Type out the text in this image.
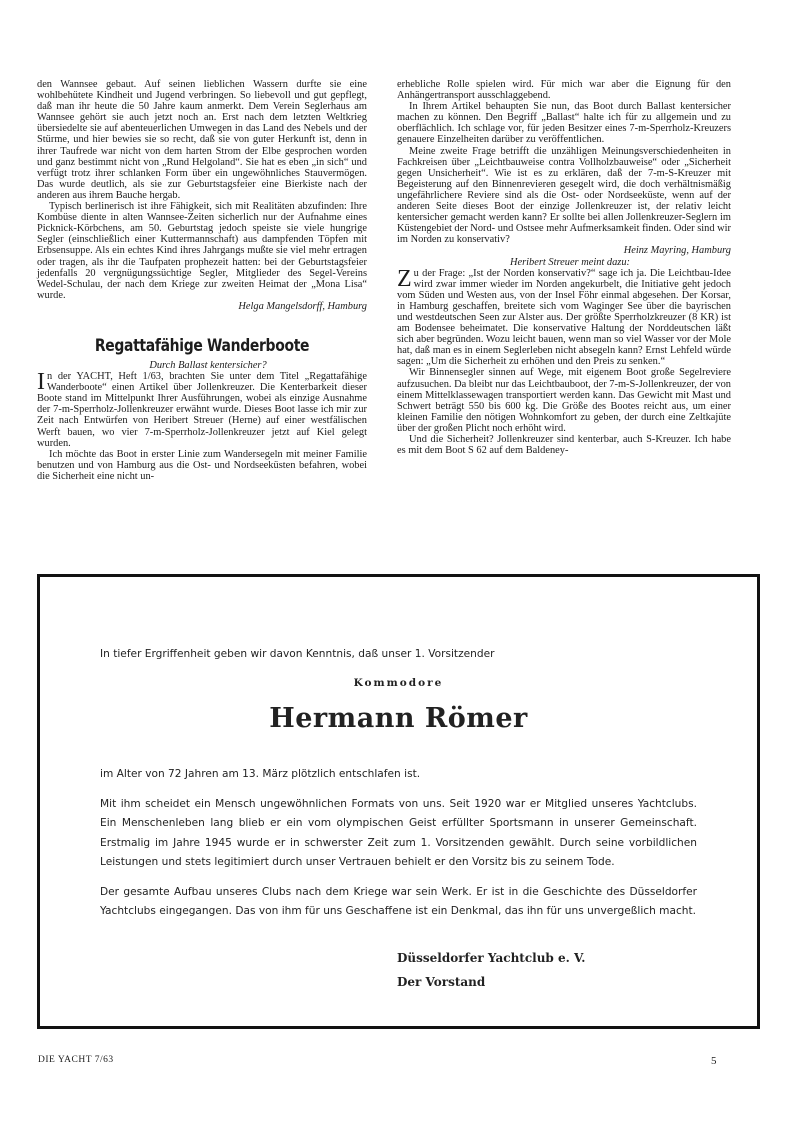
den Wannsee gebaut. Auf seinen lieblichen Wassern durfte sie eine wohlbehütete Kindheit und Jugend verbringen. So liebevoll und gut gepflegt, daß man ihr heute die 50 Jahre kaum anmerkt. Dem Verein Seglerhaus am Wannsee gehört sie auch jetzt noch an. Erst nach dem letzten Weltkrieg übersiedelte sie auf abenteuerlichen Umwegen in das Land des Nebels und der Stürme, und hier bewies sie so recht, daß sie von guter Herkunft ist, denn in ihrer Taufrede war nicht von dem harten Strom der Elbe gesprochen worden und ganz bestimmt nicht von „Rund Helgoland“. Sie hat es eben „in sich“ und verfügt trotz ihrer schlanken Form über ein ungewöhnliches Stauvermögen. Das wurde deutlich, als sie zur Geburtstagsfeier eine Bierkiste nach der anderen aus ihrem Bauche hergab.

Typisch berlinerisch ist ihre Fähigkeit, sich mit Realitäten abzufinden: Ihre Kombüse diente in alten Wannsee-Zeiten sicherlich nur der Aufnahme eines Picknick-Körbchens, am 50. Geburtstag jedoch speiste sie viele hungrige Segler (einschließlich einer Kuttermannschaft) aus dampfenden Töpfen mit Erbsensuppe. Als ein echtes Kind ihres Jahrgangs mußte sie viel mehr ertragen oder tragen, als ihr die Taufpaten prophezeit hatten: bei der Geburtstagsfeier jedenfalls 20 vergnügungssüchtige Segler, Mitglieder des Segel-Vereins Wedel-Schulau, der nach dem Kriege zur zweiten Heimat der „Mona Lisa“ wurde.

Helga Mangelsdorff, Hamburg

Regattafähige Wanderboote

Durch Ballast kentersicher?

In der YACHT, Heft 1/63, brachten Sie unter dem Titel „Regattafähige Wanderboote“ einen Artikel über Jollenkreuzer. Die Kenterbarkeit dieser Boote stand im Mittelpunkt Ihrer Ausführungen, wobei als einzige Ausnahme der 7-m-Sperrholz-Jollenkreuzer erwähnt wurde. Dieses Boot lasse ich mir zur Zeit nach Entwürfen von Heribert Streuer (Herne) auf einer westfälischen Werft bauen, wo vier 7-m-Sperrholz-Jollenkreuzer jetzt auf Kiel gelegt wurden.

Ich möchte das Boot in erster Linie zum Wandersegeln mit meiner Familie benutzen und von Hamburg aus die Ost- und Nordseeküsten befahren, wobei die Sicherheit eine nicht un-

erhebliche Rolle spielen wird. Für mich war aber die Eignung für den Anhängertransport ausschlaggebend.

In Ihrem Artikel behaupten Sie nun, das Boot durch Ballast kentersicher machen zu können. Den Begriff „Ballast“ halte ich für zu allgemein und zu oberflächlich. Ich schlage vor, für jeden Besitzer eines 7-m-Sperrholz-Kreuzers genauere Einzelheiten darüber zu veröffentlichen.

Meine zweite Frage betrifft die unzähligen Meinungsverschiedenheiten in Fachkreisen über „Leichtbauweise contra Vollholzbauweise“ oder „Sicherheit gegen Unsicherheit“. Wie ist es zu erklären, daß der 7-m-S-Kreuzer mit Begeisterung auf den Binnenrevieren gesegelt wird, die doch verhältnismäßig ungefährlichere Reviere sind als die Ost- oder Nordseeküste, wenn auf der anderen Seite dieses Boot der einzige Jollenkreuzer ist, der relativ leicht kentersicher gemacht werden kann? Er sollte bei allen Jollenkreuzer-Seglern im Küstengebiet der Nord- und Ostsee mehr Aufmerksamkeit finden. Oder sind wir im Norden zu konservativ?

Heinz Mayring, Hamburg

Heribert Streuer meint dazu:

Zu der Frage: „Ist der Norden konservativ?“ sage ich ja. Die Leichtbau-Idee wird zwar immer wieder im Norden angekurbelt, die Initiative geht jedoch vom Süden und Westen aus, von der Insel Föhr einmal abgesehen. Der Korsar, in Hamburg geschaffen, breitete sich vom Waginger See über die bayrischen und westdeutschen Seen zur Alster aus. Der größte Sperrholzkreuzer (8 KR) ist am Bodensee beheimatet. Die konservative Haltung der Norddeutschen läßt sich aber begründen. Wozu leicht bauen, wenn man so viel Wasser vor der Mole hat, daß man es in einem Seglerleben nicht absegeln kann? Ernst Lehfeld würde sagen: „Um die Sicherheit zu erhöhen und den Preis zu senken.“

Wir Binnensegler sinnen auf Wege, mit eigenem Boot große Segelreviere aufzusuchen. Da bleibt nur das Leichtbauboot, der 7-m-S-Jollenkreuzer, der von einem Mittelklassewagen transportiert werden kann. Das Gewicht mit Mast und Schwert beträgt 550 bis 600 kg. Die Größe des Bootes reicht aus, um einer kleinen Familie den nötigen Wohnkomfort zu geben, der durch eine Zeltkajüte über der großen Plicht noch erhöht wird.

Und die Sicherheit? Jollenkreuzer sind kenterbar, auch S-Kreuzer. Ich habe es mit dem Boot S 62 auf dem Baldeney-

In tiefer Ergriffenheit geben wir davon Kenntnis, daß unser 1. Vorsitzender
Kommodore
Hermann Römer
im Alter von 72 Jahren am 13. März plötzlich entschlafen ist.
Mit ihm scheidet ein Mensch ungewöhnlichen Formats von uns. Seit 1920 war er Mitglied unseres Yachtclubs. Ein Menschenleben lang blieb er ein vom olympischen Geist erfüllter Sportsmann in unserer Gemeinschaft. Erstmalig im Jahre 1945 wurde er in schwerster Zeit zum 1. Vorsitzenden gewählt. Durch seine vorbildlichen Leistungen und stets legitimiert durch unser Vertrauen behielt er den Vorsitz bis zu seinem Tode.
Der gesamte Aufbau unseres Clubs nach dem Kriege war sein Werk. Er ist in die Geschichte des Düsseldorfer Yachtclubs eingegangen. Das von ihm für uns Geschaffene ist ein Denkmal, das ihn für uns unvergeßlich macht.
Düsseldorfer Yachtclub e. V.
Der Vorstand
DIE YACHT 7/63	5
